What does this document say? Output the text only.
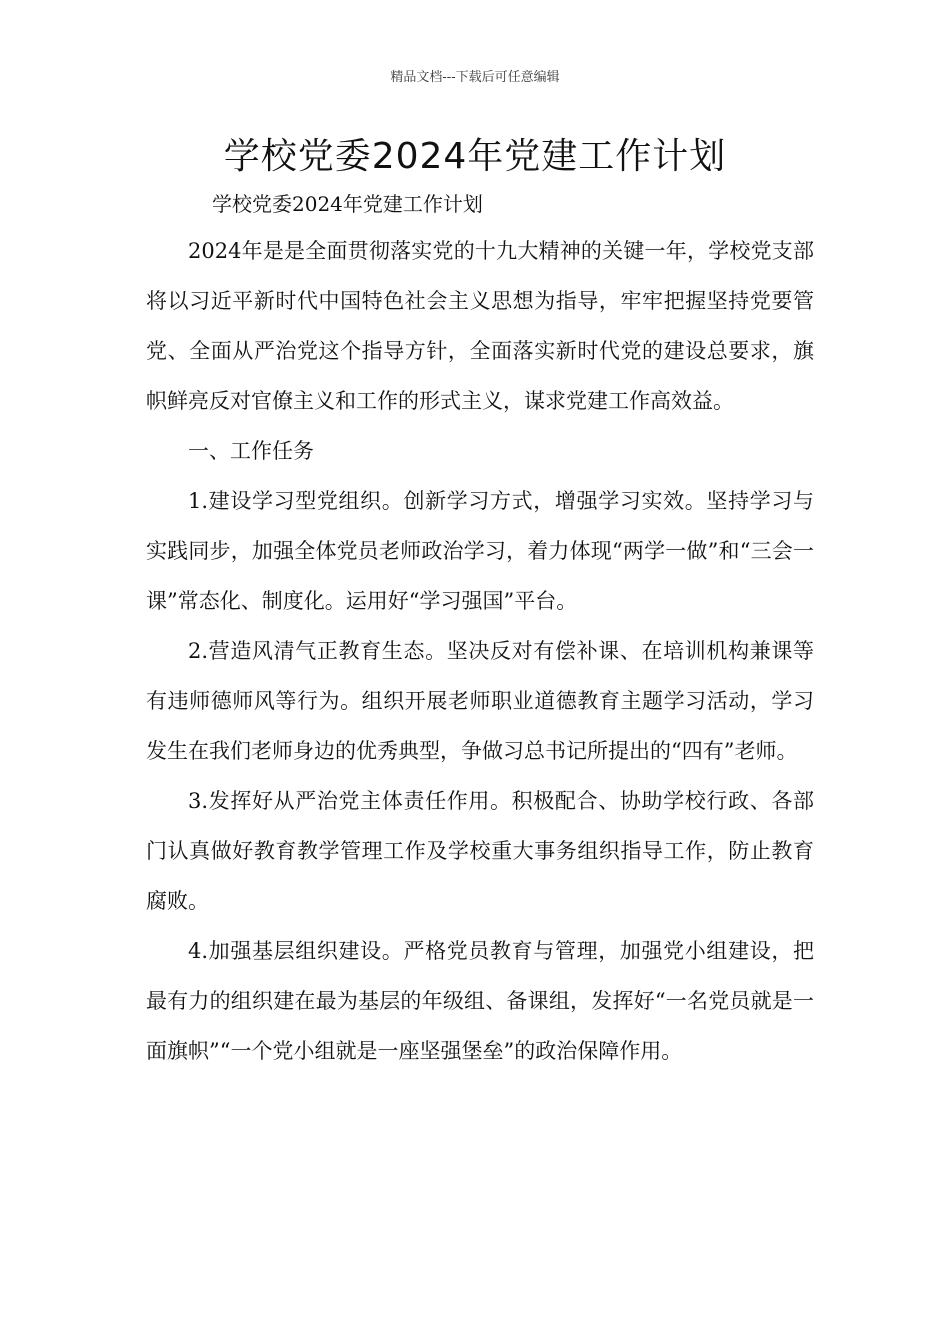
精品文档---下载后可任意编辑
学校党委2024年党建工作计划
学校党委2024年党建工作计划

2024年是是全面贯彻落实党的十九大精神的关键一年，学校党支部将以习近平新时代中国特色社会主义思想为指导，牢牢把握坚持党要管党、全面从严治党这个指导方针，全面落实新时代党的建设总要求，旗帜鲜亮反对官僚主义和工作的形式主义，谋求党建工作高效益。

一、工作任务

1.建设学习型党组织。创新学习方式，增强学习实效。坚持学习与实践同步，加强全体党员老师政治学习，着力体现“两学一做”和“三会一课”常态化、制度化。运用好“学习强国”平台。

2.营造风清气正教育生态。坚决反对有偿补课、在培训机构兼课等有违师德师风等行为。组织开展老师职业道德教育主题学习活动，学习发生在我们老师身边的优秀典型，争做习总书记所提出的“四有”老师。

3.发挥好从严治党主体责任作用。积极配合、协助学校行政、各部门认真做好教育教学管理工作及学校重大事务组织指导工作，防止教育腐败。

4.加强基层组织建设。严格党员教育与管理，加强党小组建设，把最有力的组织建在最为基层的年级组、备课组，发挥好“一名党员就是一面旗帜”“一个党小组就是一座坚强堡垒”的政治保障作用。
